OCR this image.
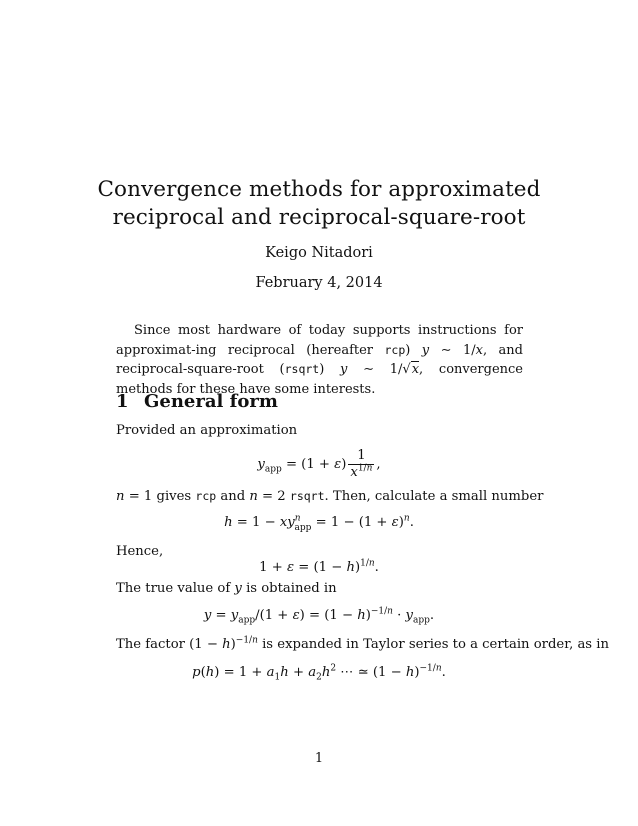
Convergence methods for approximated
reciprocal and reciprocal-square-root
Keigo Nitadori
February 4, 2014

Since most hardware of today supports instructions for approximat-ing reciprocal (hereafter rcp) y ∼ 1/x, and reciprocal-square-root (rsqrt) y ∼ 1/√x, convergence methods for these have some interests.

1 General form
Provided an approximation
$y_{app} = (1 + \varepsilon) \frac{1}{x^{1/n}}$ ,
n = 1 gives rcp and n = 2 rsqrt. Then, calculate a small number
$h = 1 - xy^n_{app} = 1 - (1 + \varepsilon)^n$.
Hence,
$1 + \varepsilon = (1 - h)^{1/n}$.
The true value of y is obtained in
$y = y_{app}/(1 + \varepsilon) = (1 - h)^{-1/n} \cdot y_{app}$.
The factor $(1 - h)^{-1/n}$ is expanded in Taylor series to a certain order, as in
$p(h) = 1 + a_1h + a_2h^2$ ⋯ ≃ $(1 - h)^{-1/n}$.
1
